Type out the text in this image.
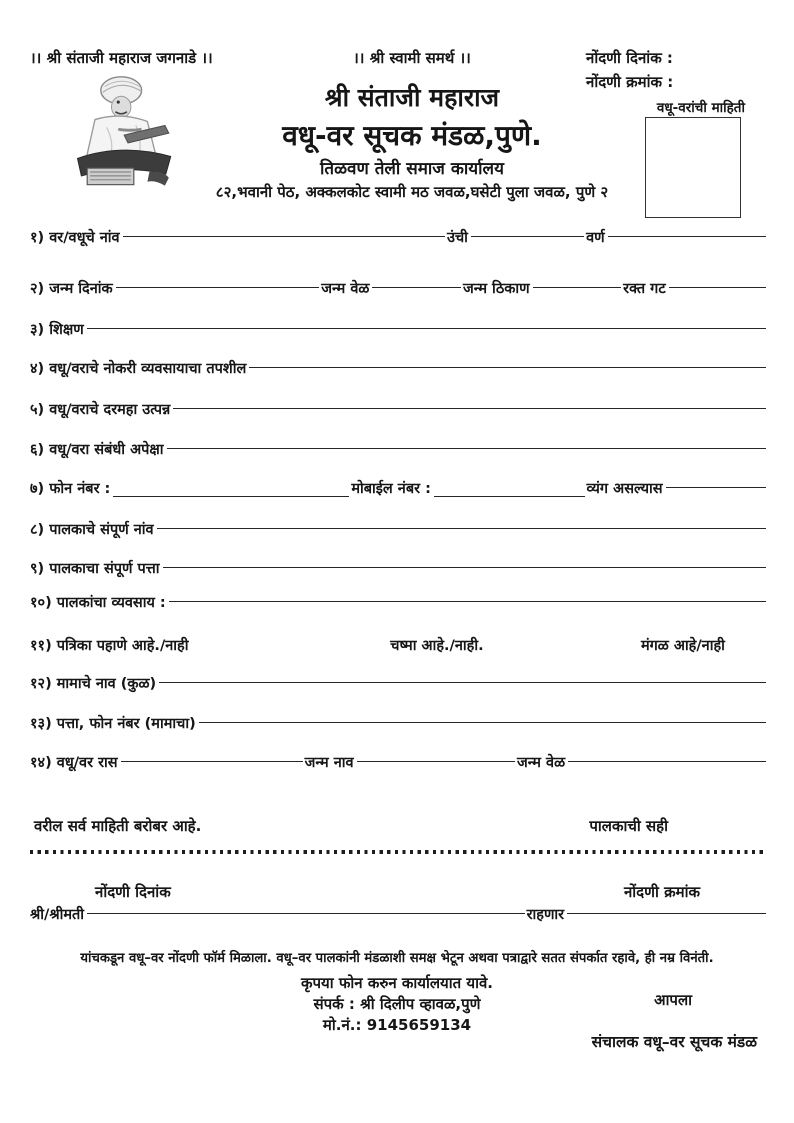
।। श्री संताजी महाराज जगनाडे ।।	नोंदणी दिनांक :
नोंदणी क्रमांक :
।। श्री स्वामी समर्थ ।।
श्री संताजी महाराज
वधू-वर सूचक मंडळ,पुणे.
तिळवण तेली समाज कार्यालय
८२,भवानी पेठ, अक्कलकोट स्वामी मठ जवळ,घसेटी पुला जवळ, पुणे २
वधू-वरांची माहिती
१) वर/वधूचे नांव	उंची	वर्ण
२) जन्म दिनांक	जन्म वेळ	जन्म ठिकाण	रक्त गट
३) शिक्षण
४) वधू/वराचे नोकरी व्यवसायाचा तपशील
५) वधू/वराचे दरमहा उत्पन्न
६) वधू/वरा संबंधी अपेक्षा
७) फोन नंबर :	मोबाईल नंबर :	व्यंग असल्यास
८) पालकाचे संपूर्ण नांव
९) पालकाचा संपूर्ण पत्ता
१०) पालकांचा व्यवसाय :
११) पत्रिका पहाणे आहे./नाही	चष्मा आहे./नाही.	मंगळ आहे/नाही
१२) मामाचे नाव (कुळ)
१३) पत्ता, फोन नंबर (मामाचा)
१४) वधू/वर रास	जन्म नाव	जन्म वेळ
वरील सर्व माहिती बरोबर आहे.	पालकाची सही
नोंदणी दिनांक	नोंदणी क्रमांक
श्री/श्रीमती	राहणार
यांचकडून वधू–वर नोंदणी फॉर्म मिळाला. वधू–वर पालकांनी मंडळाशी समक्ष भेटून अथवा पत्राद्वारे सतत संपर्कात रहावे, ही नम्र विनंती.
कृपया फोन करुन कार्यालयात यावे.
संपर्क : श्री दिलीप व्हावळ,पुणे
मो.नं.: 9145659134
आपला
संचालक वधू–वर सूचक मंडळ
